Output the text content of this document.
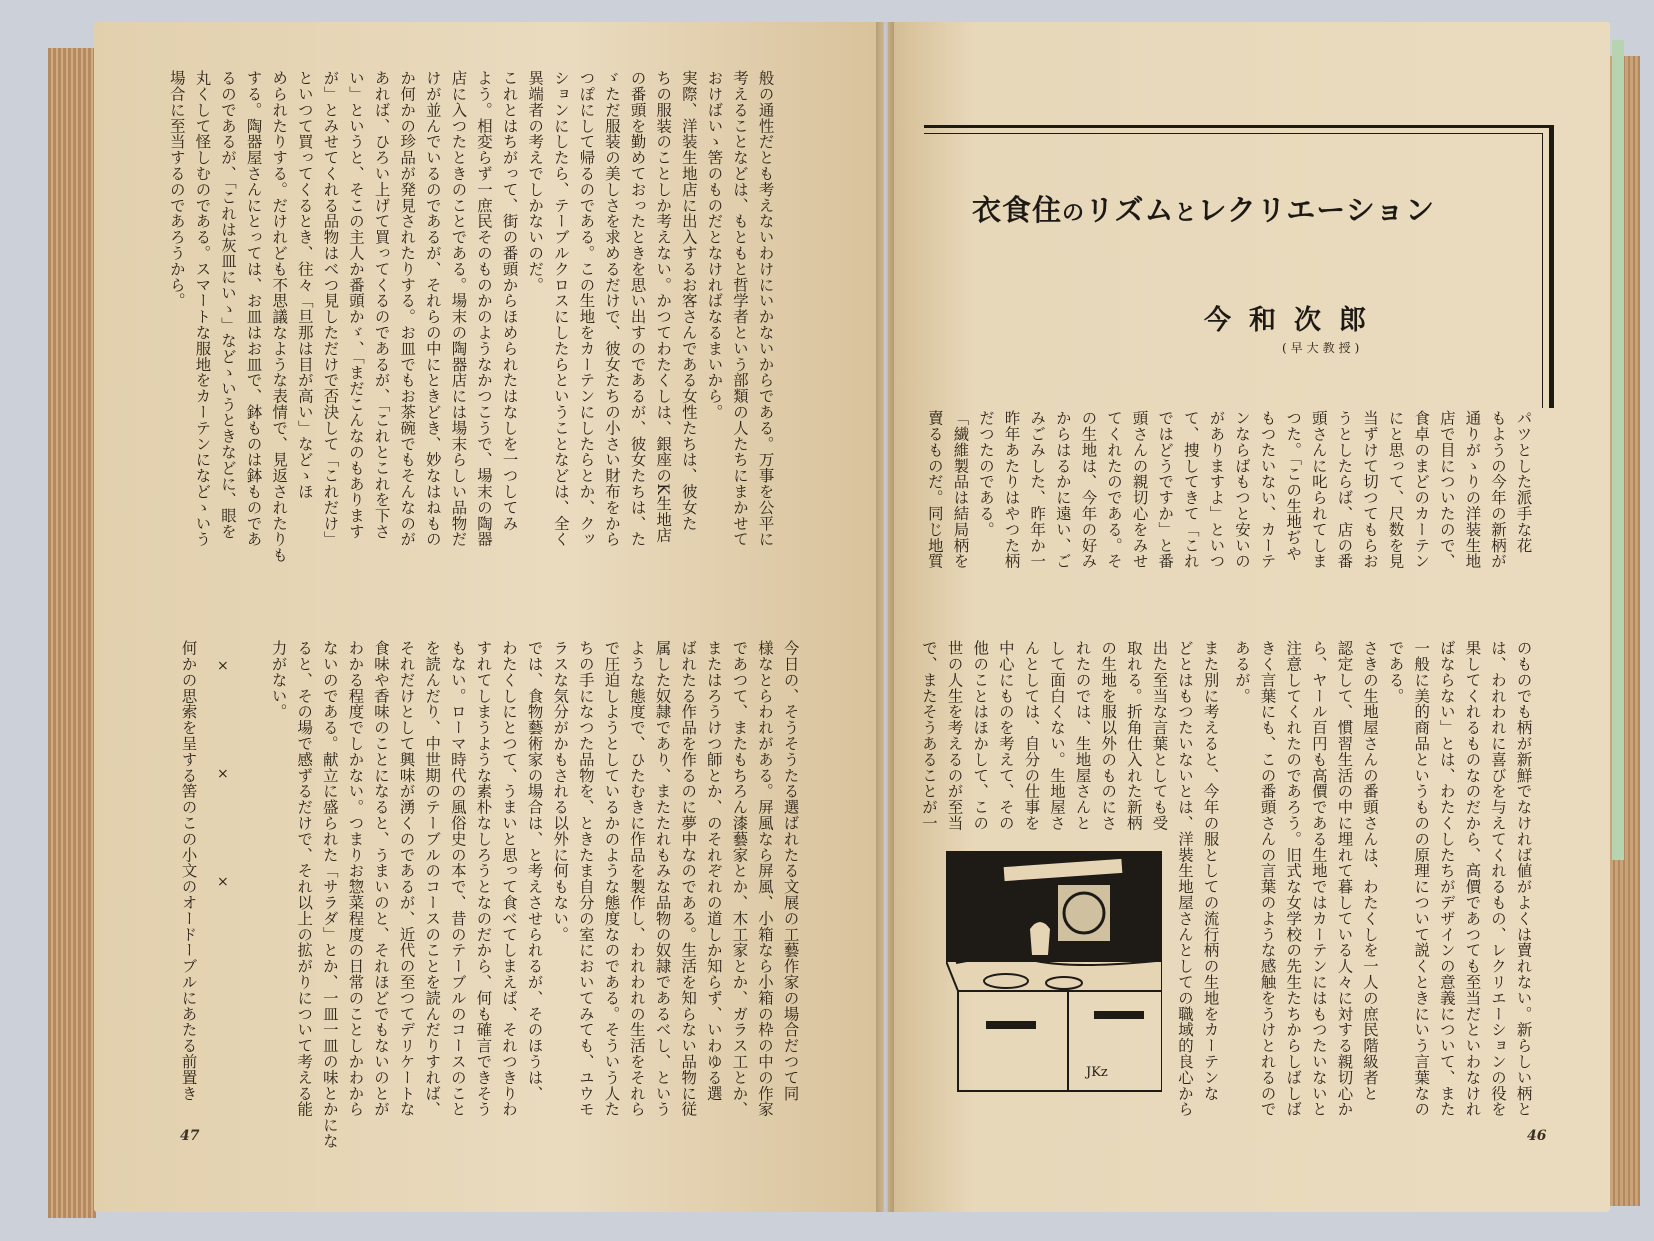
般の通性だとも考えないわけにいかないからである。万事を公平に
考えることなどは、もともと哲学者という部類の人たちにまかせて
おけばいゝ筈のものだとなければなるまいから。
実際、洋装生地店に出入するお客さんである女性たちは、彼女た
ちの服装のことしか考えない。かつてわたくしは、銀座のK生地店
の番頭を勤めておったときを思い出すのであるが、彼女たちは、た
ゞただ服装の美しさを求めるだけで、彼女たちの小さい財布をから
つぽにして帰るのである。この生地をカーテンにしたらとか、クッ
ションにしたら、テーブルクロスにしたらということなどは、全く
異端者の考えでしかないのだ。
これとはちがって、街の番頭からほめられたはなしを一つしてみ
よう。相変らず一庶民そのものかのようなかつこうで、場末の陶器
店に入つたときのことである。場末の陶器店には場末らしい品物だ
けが並んでいるのであるが、それらの中にときどき、妙なはねもの
か何かの珍品が発見されたりする。お皿でもお茶碗でもそんなのが
あれば、ひろい上げて買ってくるのであるが、「これとこれを下さ
い」というと、そこの主人か番頭かゞ、「まだこんなのもあります
が」とみせてくれる品物はべつ見しただけで否決して「これだけ」
といつて買ってくるとき、往々「旦那は目が高い」などゝほ
められたりする。だけれども不思議なような表情で、見返されたりも
する。陶器屋さんにとっては、お皿はお皿で、鉢ものは鉢ものであ
るのであるが、「これは灰皿にいゝ」などゝいうときなどに、眼を
丸くして怪しむのである。スマートな服地をカーテンになどゝいう
場合に至当するのであろうから。
今日の、そうそうたる選ばれたる文展の工藝作家の場合だつて同
様なとらわれがある。屏風なら屏風、小箱なら小箱の枠の中の作家
であつて、またもちろん漆藝家とか、木工家とか、ガラス工とか、
またはろうけつ師とか、のそれぞれの道しか知らず、いわゆる選
ばれたる作品を作るのに夢中なのである。生活を知らない品物に従
属した奴隷であり、またたれもみな品物の奴隷であるべし、という
ような態度で、ひたむきに作品を製作し、われわれの生活をそれら
で圧迫しようとしているかのような態度なのである。そういう人た
ちの手になつた品物を、ときたま自分の室においてみても、ユウモ
ラスな気分がかもされる以外に何もない。
では、食物藝術家の場合は、と考えさせられるが、そのほうは、
わたくしにとつて、うまいと思って食べてしまえば、それつきりわ
すれてしまうような素朴なしろうとなのだから、何も確言できそう
もない。ローマ時代の風俗史の本で、昔のテーブルのコースのこと
を読んだり、中世期のテーブルのコースのことを読んだりすれば、
それだけとして興味が湧くのであるが、近代の至つてデリケートな
食味や香味のことになると、うまいのと、それほどでもないのとが
わかる程度でしかない。つまりお惣菜程度の日常のことしかわから
ないのである。献立に盛られた「サラダ」とか、一皿一皿の味とかにな
ると、その場で感ずるだけで、それ以上の拡がりについて考える能
力がない。
何かの思索を呈する筈のこの小文のオードーブルにあたる前置き ×
×
×
47
衣食住のリズムとレクリエーション
今和次郎
(早大教授)
パツとした派手な花
もようの今年の新柄が
通りがゝりの洋装生地
店で目についたので、
食卓のまどのカーテン
にと思って、尺数を見
当ずけて切つてもらお
うとしたらば、店の番
頭さんに叱られてしま
つた。「この生地ぢや
もつたいない、カーテ
ンならばもつと安いの
がありますよ」といつ
て、捜してきて「これ
ではどうですか」と番
頭さんの親切心をみせ
てくれたのである。そ
の生地は、今年の好み
からはるかに遠い、ご
みごみした、昨年か一
昨年あたりはやつた柄
だつたのである。
「繊維製品は結局柄を
賣るものだ。同じ地質
のものでも柄が新鮮でなければ値がよくは賣れない。新らしい柄と
は、われわれに喜びを与えてくれるもの、レクリエーションの役を
果してくれるものなのだから、高價であつても至当だといわなけれ
ばならない」とは、わたくしたちがデザインの意義について、また
一般に美的商品というものの原理について説くときにいう言葉なの
である。
さきの生地屋さんの番頭さんは、わたくしを一人の庶民階級者と
認定して、慣習生活の中に埋れて暮している人々に対する親切心か
ら、ヤール百円も高價である生地ではカーテンにはもつたいないと
注意してくれたのであろう。旧式な女学校の先生たちからしばしば
きく言葉にも、この番頭さんの言葉のような感触をうけとれるので
あるが。
また別に考えると、今年の服としての流行柄の生地をカーテンな
どとはもつたいないとは、洋裝生地屋さんとしての職域的良心から
出た至当な言葉としても受
取れる。折角仕入れた新柄
の生地を服以外のものにさ
れたのでは、生地屋さんと
して面白くない。生地屋さ
んとしては、自分の仕事を
中心にものを考えて、その
他のことはほかして、この
世の人生を考えるのが至当
で、またそうあることが一
JKz
46
